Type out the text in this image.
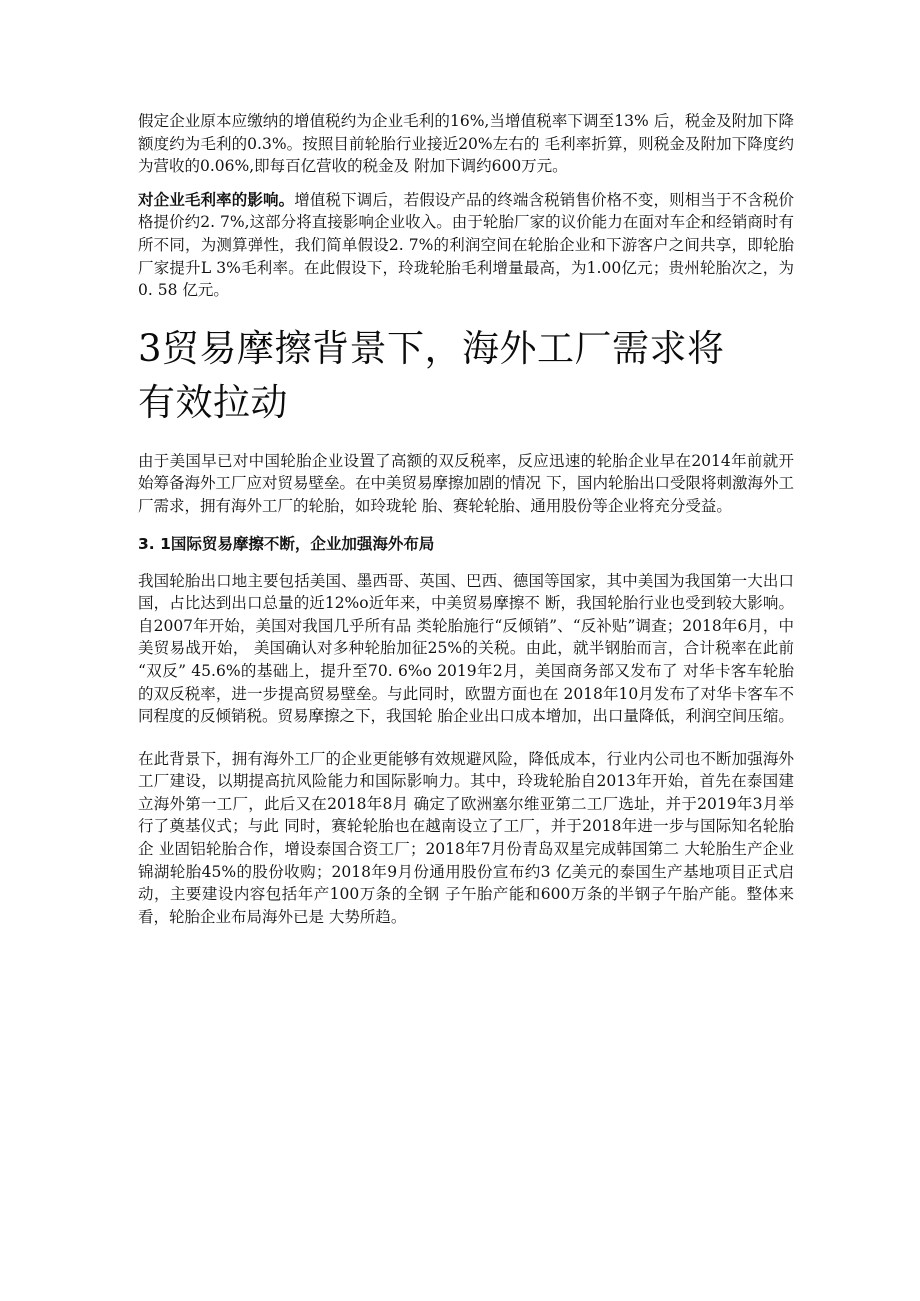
假定企业原本应缴纳的增值税约为企业毛利的16%,当增值税率下调至13% 后，税金及附加下降额度约为毛利的0.3%。按照目前轮胎行业接近20%左右的 毛利率折算，则税金及附加下降度约为营收的0.06%,即每百亿营收的税金及 附加下调约600万元。

对企业毛利率的影响。增值税下调后，若假设产品的终端含税销售价格不变，则相当于不含税价格提价约2. 7%,这部分将直接影响企业收入。由于轮胎厂家的议价能力在面对车企和经销商时有所不同，为测算弹性，我们简单假设2. 7%的利润空间在轮胎企业和下游客户之间共享，即轮胎厂家提升L 3%毛利率。在此假设下，玲珑轮胎毛利增量最高，为1.00亿元；贵州轮胎次之，为0. 58 亿元。

3贸易摩擦背景下，海外工厂需求将有效拉动

由于美国早已对中国轮胎企业设置了高额的双反税率，反应迅速的轮胎企业早在2014年前就开始筹备海外工厂应对贸易壁垒。在中美贸易摩擦加剧的情况 下，国内轮胎出口受限将刺激海外工厂需求，拥有海外工厂的轮胎，如玲珑轮 胎、赛轮轮胎、通用股份等企业将充分受益。

3. 1国际贸易摩擦不断，企业加强海外布局

我国轮胎出口地主要包括美国、墨西哥、英国、巴西、德国等国家，其中美国为我国第一大出口国，占比达到出口总量的近12%o近年来，中美贸易摩擦不 断，我国轮胎行业也受到较大影响。自2007年开始，美国对我国几乎所有品 类轮胎施行“反倾销”、“反补贴”调查；2018年6月，中美贸易战开始， 美国确认对多种轮胎加征25%的关税。由此，就半钢胎而言，合计税率在此前 “双反” 45.6%的基础上，提升至70. 6%o 2019年2月，美国商务部又发布了 对华卡客车轮胎的双反税率，进一步提高贸易壁垒。与此同时，欧盟方面也在 2018年10月发布了对华卡客车不同程度的反倾销税。贸易摩擦之下，我国轮 胎企业出口成本增加，出口量降低，利润空间压缩。

在此背景下，拥有海外工厂的企业更能够有效规避风险，降低成本，行业内公司也不断加强海外工厂建设，以期提高抗风险能力和国际影响力。其中，玲珑轮胎自2013年开始，首先在泰国建立海外第一工厂，此后又在2018年8月 确定了欧洲塞尔维亚第二工厂选址，并于2019年3月举行了奠基仪式；与此 同时，赛轮轮胎也在越南设立了工厂，并于2018年进一步与国际知名轮胎企 业固铝轮胎合作，增设泰国合资工厂；2018年7月份青岛双星完成韩国第二 大轮胎生产企业锦湖轮胎45%的股份收购；2018年9月份通用股份宣布约3 亿美元的泰国生产基地项目正式启动，主要建设内容包括年产100万条的全钢 子午胎产能和600万条的半钢子午胎产能。整体来看，轮胎企业布局海外已是 大势所趋。
